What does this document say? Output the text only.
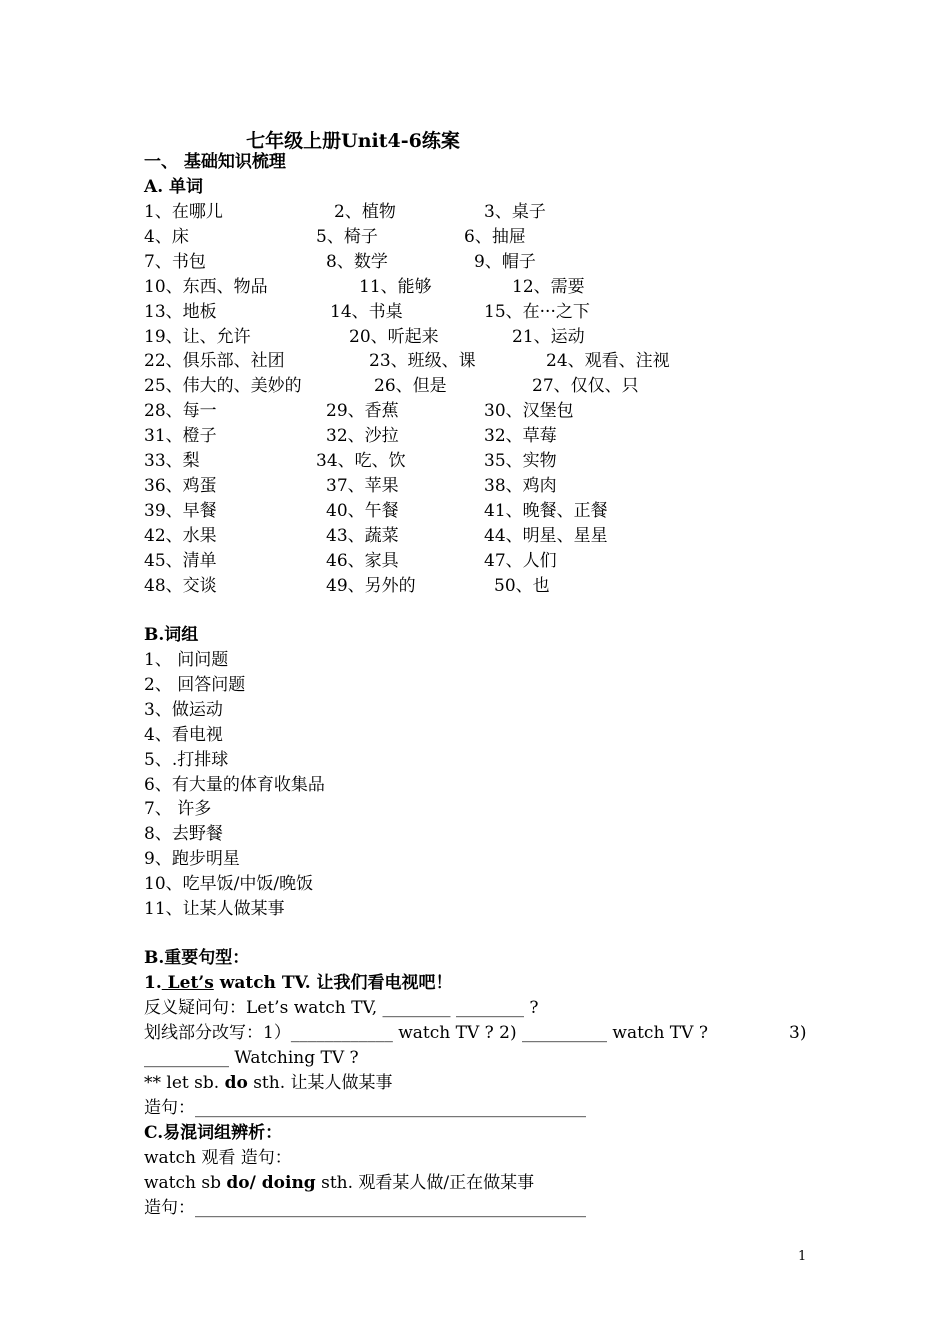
七年级上册Unit4-6练案
一、 基础知识梳理
A. 单词
1、在哪儿	2、植物	3、桌子
4、床	5、椅子	6、抽屉
7、书包	8、数学	9、帽子
10、东西、物品	11、能够	12、需要
13、地板	14、书桌	15、在···之下
19、让、允许	20、听起来	21、运动
22、俱乐部、社团	23、班级、课	24、观看、注视
25、伟大的、美妙的	26、但是	27、仅仅、只
28、每一	29、香蕉	30、汉堡包
31、橙子	32、沙拉	32、草莓
33、梨	34、吃、饮	35、实物
36、鸡蛋	37、苹果	38、鸡肉
39、早餐	40、午餐	41、晚餐、正餐
42、水果	43、蔬菜	44、明星、星星
45、清单	46、家具	47、人们
48、交谈	49、另外的	50、也
B.词组
1、 问问题
2、 回答问题
3、做运动
4、看电视
5、.打排球
6、有大量的体育收集品
7、 许多
8、去野餐
9、跑步明星
10、吃早饭/中饭/晚饭
11、让某人做某事
B.重要句型：
1. Let’s watch TV. 让我们看电视吧！
反义疑问句：Let’s watch TV, ________ ________ ?
划线部分改写：1）____________ watch TV ? 2) __________ watch TV ?	3)
__________ Watching TV ?
** let sb. do sth. 让某人做某事
造句：______________________________________________
C.易混词组辨析：
watch 观看 造句：
watch sb do/ doing sth. 观看某人做/正在做某事
造句：______________________________________________
1
